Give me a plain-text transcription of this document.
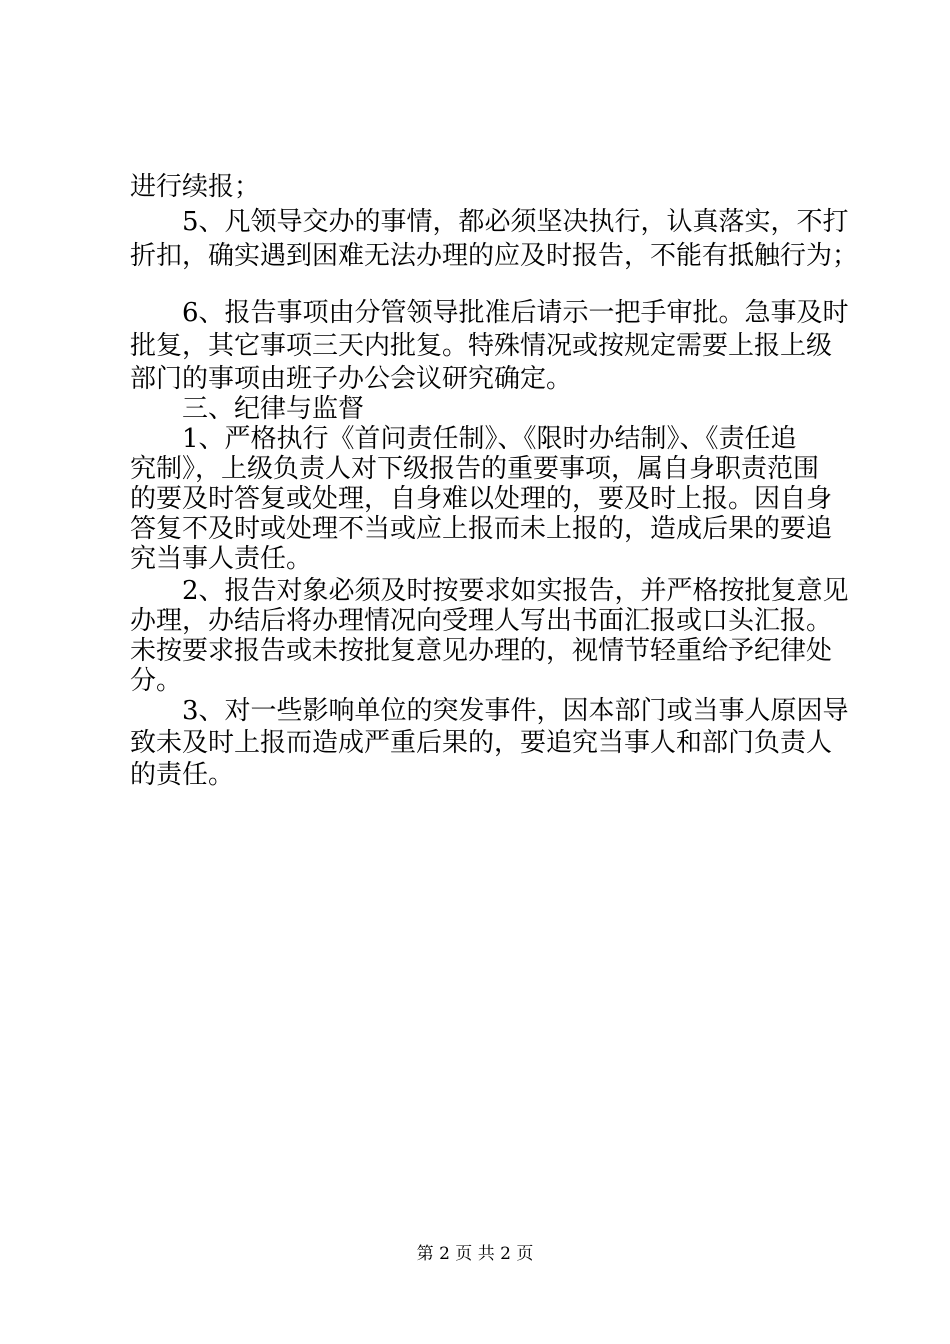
进行续报；
　　5、凡领导交办的事情，都必须坚决执行，认真落实，不打
折扣，确实遇到困难无法办理的应及时报告，不能有抵触行为；
　　6、报告事项由分管领导批准后请示一把手审批。急事及时
批复，其它事项三天内批复。特殊情况或按规定需要上报上级
部门的事项由班子办公会议研究确定。
　　三、纪律与监督
　　1、严格执行《首问责任制》、《限时办结制》、《责任追
究制》，上级负责人对下级报告的重要事项，属自身职责范围
的要及时答复或处理，自身难以处理的，要及时上报。因自身
答复不及时或处理不当或应上报而未上报的，造成后果的要追
究当事人责任。
　　2、报告对象必须及时按要求如实报告，并严格按批复意见
办理，办结后将办理情况向受理人写出书面汇报或口头汇报。
未按要求报告或未按批复意见办理的，视情节轻重给予纪律处
分。
　　3、对一些影响单位的突发事件，因本部门或当事人原因导
致未及时上报而造成严重后果的，要追究当事人和部门负责人
的责任。
第 2 页 共 2 页
